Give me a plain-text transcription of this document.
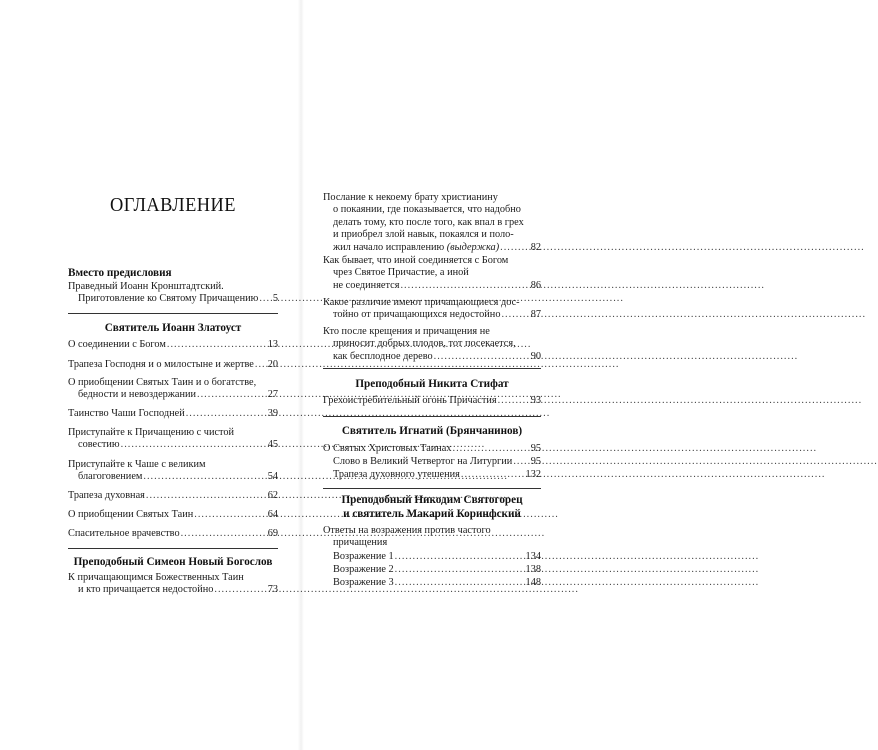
ОГЛАВЛЕНИЕ
Вместо предисловия
Праведный Иоанн Кронштадтский.
Приготовление ко Святому Причащению .....	5
Святитель Иоанн Златоуст
О соединении с Богом .....	13
Трапеза Господня и о милостыне и жертве ..... 20
О приобщении Святых Таин и о богатстве,
бедности и невоздержании .....	27
Таинство Чаши Господней .....	39
Приступайте к Причащению с чистой
совестию .....	45
Приступайте к Чаше с великим
благоговением .....	54
Трапеза духовная .....	62
О приобщении Святых Таин .....	64
Спасительное врачевство .....	69
Преподобный Симеон Новый Богослов
К причащающимся Божественных Таин
и кто причащается недостойно .....	73
Послание к некоему брату христианину
о покаянии, где показывается, что надобно
делать тому, кто после того, как впал в грех
и приобрел злой навык, покаялся и поло-
жил начало исправлению
(выдержка) .....	82
Как бывает, что иной соединяется с Богом
чрез Святое Причастие, а иной
не соединяется .....	86
Какое различие имеют причащающиеся дос-
тойно от причащающихся недостойно .....	87
Кто после крещения и причащения не
приносит добрых плодов, тот посекается,
как бесплодное дерево .....	90
Преподобный Никита Стифат
Грехоистребительный огонь Причастия .....	93
Святитель Игнатий (Брянчанинов)
О Святых Христовых Таинах .....	95
Слово в Великий Четвертог на Литургии ..... 95
Трапеза духовного утешения .....	132
Преподобный Никодим Святогорец
и святитель Макарий Коринфский
Ответы на возражения против частого
причащения
Возражение 1 .....	134
Возражение 2 .....	138
Возражение 3 .....	148
